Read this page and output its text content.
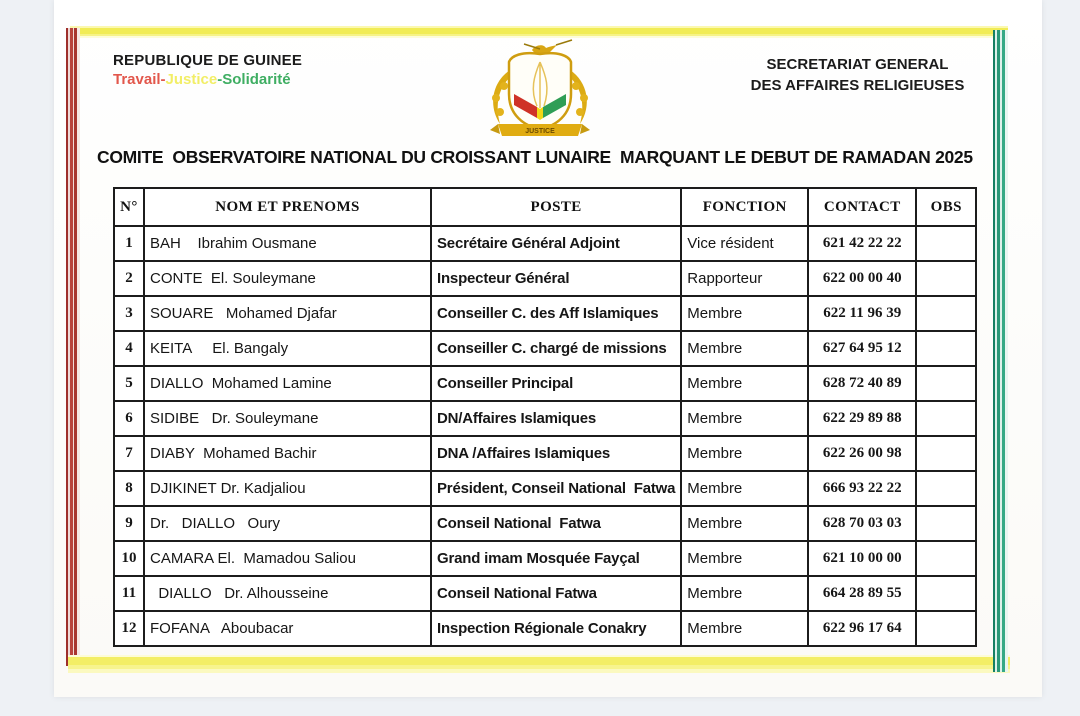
REPUBLIQUE DE GUINEE
Travail-Justice-Solidarité
JUSTICE
SECRETARIAT GENERAL
DES AFFAIRES RELIGIEUSES
COMITE  OBSERVATOIRE NATIONAL DU CROISSANT LUNAIRE  MARQUANT LE DEBUT DE RAMADAN 2025
N°	NOM ET PRENOMS	POSTE	FONCTION	CONTACT	OBS
1	BAH    Ibrahim Ousmane	Secrétaire Général Adjoint	Vice résident	621 42 22 22	
2	CONTE  El. Souleymane	Inspecteur Général	Rapporteur	622 00 00 40	
3	SOUARE   Mohamed Djafar	Conseiller C. des Aff Islamiques	Membre	622 11 96 39	
4	KEITA     El. Bangaly	Conseiller C. chargé de missions	Membre	627 64 95 12	
5	DIALLO  Mohamed Lamine	Conseiller Principal	Membre	628 72 40 89	
6	SIDIBE   Dr. Souleymane	DN/Affaires Islamiques	Membre	622 29 89 88	
7	DIABY  Mohamed Bachir	DNA /Affaires Islamiques	Membre	622 26 00 98	
8	DJIKINET Dr. Kadjaliou	Président, Conseil National  Fatwa	Membre	666 93 22 22	
9	Dr.   DIALLO   Oury	Conseil National  Fatwa	Membre	628 70 03 03	
10	CAMARA El.  Mamadou Saliou	Grand imam Mosquée Fayçal	Membre	621 10 00 00	
11	DIALLO   Dr. Alhousseine	Conseil National Fatwa	Membre	664 28 89 55	
12	FOFANA   Aboubacar	Inspection Régionale Conakry	Membre	622 96 17 64	
